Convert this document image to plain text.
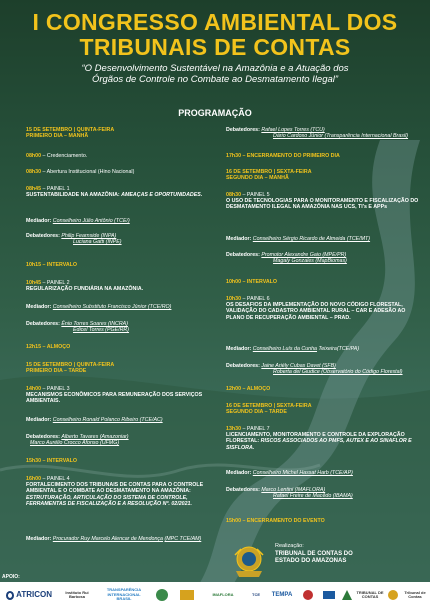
I CONGRESSO AMBIENTAL DOS
TRIBUNAIS DE CONTAS
“O Desenvolvimento Sustentável na Amazônia e a Atuação dos
Órgãos de Controle no Combate ao Desmatamento Ilegal”
PROGRAMAÇÃO
15 DE SETEMBRO | QUINTA-FEIRA
PRIMEIRO DIA – MANHÃ
08h00 – Credenciamento.
08h30 – Abertura Institucional (Hino Nacional)
08h45 – PAINEL 1
SUSTENTABILIDADE NA AMAZÔNIA: AMEAÇAS E OPORTUNIDADES.
Mediador: Conselheiro Júlio Antônio (TCE/)
Debatedores: Philip Fearnside (INPA)
Luciana Gatti (INPE)
10h15 – INTERVALO
10h45 – PAINEL 2
REGULARIZAÇÃO FUNDIÁRIA NA AMAZÔNIA.
Mediador: Conselheiro Substituto Francisco Júnior (TCE/RO)
Debatedores: Ênio Torres Soares (INCRA)
Edicel Torres (PGE/RR)
12h15 – ALMOÇO
15 DE SETEMBRO | QUINTA-FEIRA
PRIMEIRO DIA – TARDE
14h00 – PAINEL 3
MECANISMOS ECONÔMICOS PARA REMUNERAÇÃO DOS SERVIÇOS AMBIENTAIS.
Mediador: Conselheiro Ronald Polanco Ribeiro (TCE/AC)
Debatedores: Alberto Tavares (Amazoniar)
Marco Aurélio Crocco Afonso (UFMG)
15h30 – INTERVALO
16h00 – PAINEL 4
FORTALECIMENTO DOS TRIBUNAIS DE CONTAS PARA O CONTROLE AMBIENTAL E O COMBATE AO DESMATAMENTO NA AMAZÔNIA: ESTRUTURAÇÃO, ARTICULAÇÃO DO SISTEMA DE CONTROLE, FERRAMENTAS DE FISCALIZAÇÃO E A RESOLUÇÃO Nº. 02/2021.
Mediador: Procurador Ruy Marcelo Alencar de Mendonça (MPC TCE/AM)
Debatedores: Rafael Lopes Torres (TCU)
Dário Cardoso Júnior (Transparência Internacional Brasil)
17h30 – ENCERRAMENTO DO PRIMEIRO DIA
16 DE SETEMBRO | SEXTA-FEIRA
SEGUNDO DIA – MANHÃ
08h30 – PAINEL 5
O USO DE TECNOLOGIAS PARA O MONITORAMENTO E FISCALIZAÇÃO DO DESMATAMENTO ILEGAL NA AMAZÔNIA NAS UCS, TI’s E APPs
Mediador: Conselheiro Sérgio Ricardo de Almeida (TCE/MT)
Debatedores: Promotor Alexandre Gaio (MPE/PR)
Magaly Gonzales (MapBiomas)
10h00 – INTERVALO
10h30 – PAINEL 6
OS DESAFIOS DA IMPLEMENTAÇÃO DO NOVO CÓDIGO FLORESTAL, VALIDAÇÃO DO CADASTRO AMBIENTAL RURAL – CAR E ADESÃO AO PLANO DE RECUPERAÇÃO AMBIENTAL – PRAD.
Mediador: Conselheiro Luís da Cunha Teixeira(TCE/PA)
Debatedores: Jaine Ariély Cubas Davet (SFB)
Roberta del Giudice (Observatório do Código Florestal)
12h00 – ALMOÇO
16 DE SETEMBRO | SEXTA-FEIRA
SEGUNDO DIA – TARDE
13h30 – PAINEL 7
LICENCIAMENTO, MONITORAMENTO E CONTROLE DA EXPLORAÇÃO FLORESTAL: RISCOS ASSOCIADOS AO PMFS, AUTEX E AO SINAFLOR E SISFLORA.
Mediador: Conselheiro Michel Hassat Harb (TCE/AP)
Debatedores: Marco Lentini (IMAFLORA)
Rafael Freire de Macêdo (IBAMA)
15h00 – ENCERRAMENTO DO EVENTO
Realização:
TRIBUNAL DE CONTAS DO
ESTADO DO AMAZONAS
APOIO:
ATRICON	Instituto Rui Barbosa
TRANSPARÊNCIA INTERNACIONAL BRASIL
IMAFLORA	TCE TEMPA	TRIBUNAL DE CONTAS
Tribunal de Contas
